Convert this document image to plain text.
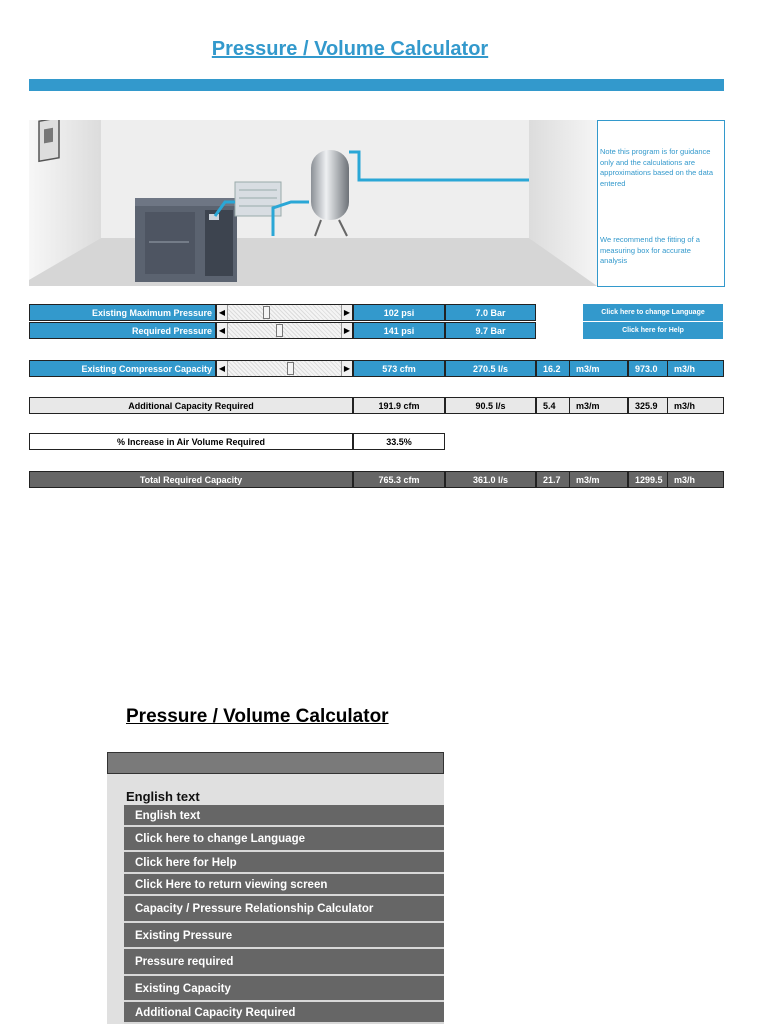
Pressure / Volume Calculator
Note this program is for guidance only and the calculations are approximations based on the data entered
We recommend the fitting of a measuring box for accurate analysis
Existing Maximum Pressure ◀	▶	102 psi	7.0 Bar	Click here to change Language
Required Pressure ◀	▶	141 psi	9.7 Bar	Click here for Help
Existing Compressor Capacity ◀	▶	573 cfm	270.5 l/s	16.2	m3/m	973.0	m3/h
Additional Capacity Required	191.9 cfm	90.5 l/s	5.4	m3/m	325.9	m3/h
% Increase in Air Volume Required	33.5%
Total Required Capacity	765.3 cfm	361.0 l/s	21.7	m3/m	1299.5	m3/h
Pressure / Volume Calculator
English text
English text
Click here to change Language
Click here for Help
Click Here to return viewing screen
Capacity / Pressure Relationship Calculator
Existing Pressure
Pressure required
Existing Capacity
Additional Capacity Required
